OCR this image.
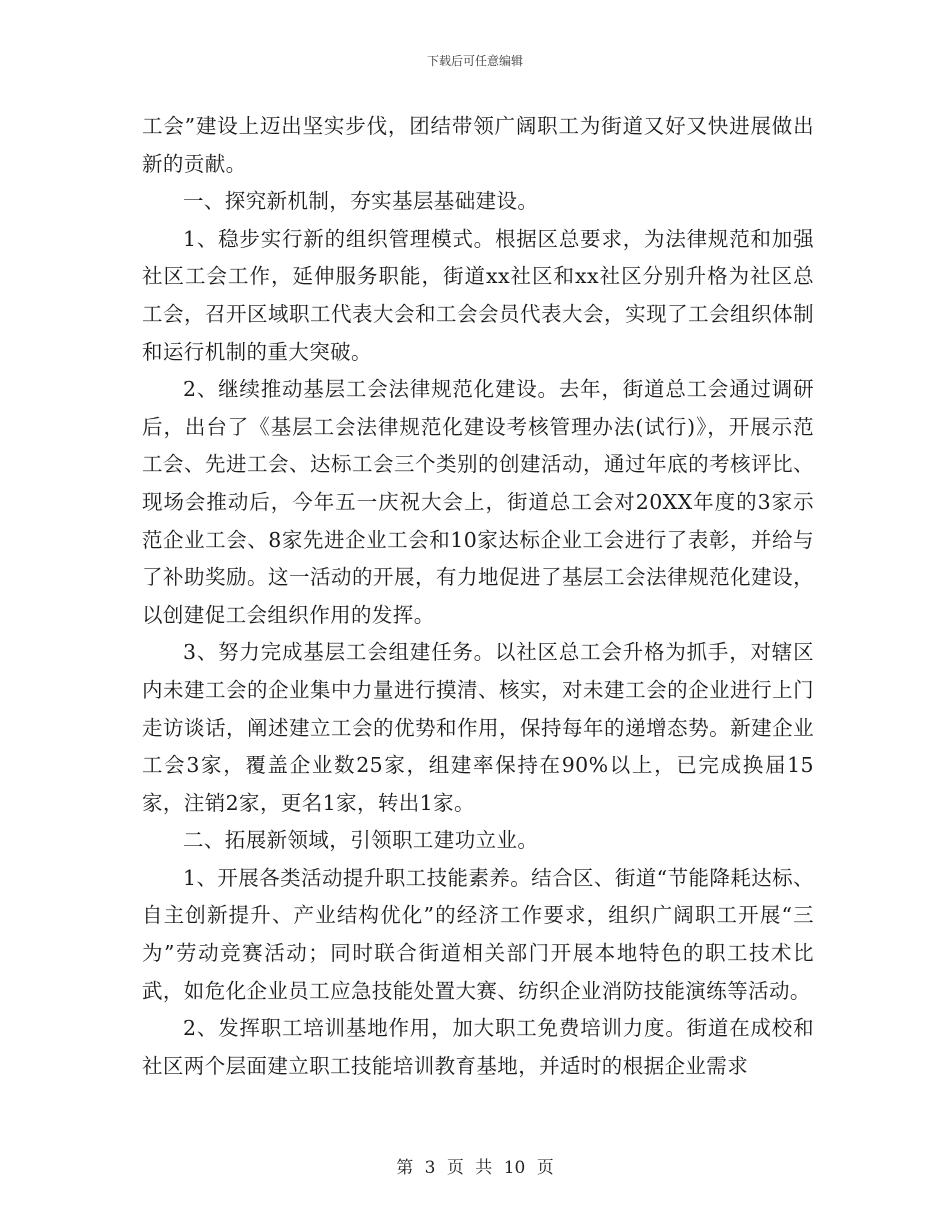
下载后可任意编辑

工会”建设上迈出坚实步伐，团结带领广阔职工为街道又好又快进展做出新的贡献。

一、探究新机制，夯实基层基础建设。

1、稳步实行新的组织管理模式。根据区总要求，为法律规范和加强社区工会工作，延伸服务职能，街道xx社区和xx社区分别升格为社区总工会，召开区域职工代表大会和工会会员代表大会，实现了工会组织体制和运行机制的重大突破。

2、继续推动基层工会法律规范化建设。去年，街道总工会通过调研后，出台了《基层工会法律规范化建设考核管理办法(试行)》，开展示范工会、先进工会、达标工会三个类别的创建活动，通过年底的考核评比、现场会推动后，今年五一庆祝大会上，街道总工会对20XX年度的3家示范企业工会、8家先进企业工会和10家达标企业工会进行了表彰，并给与了补助奖励。这一活动的开展，有力地促进了基层工会法律规范化建设，以创建促工会组织作用的发挥。

3、努力完成基层工会组建任务。以社区总工会升格为抓手，对辖区内未建工会的企业集中力量进行摸清、核实，对未建工会的企业进行上门走访谈话，阐述建立工会的优势和作用，保持每年的递增态势。新建企业工会3家，覆盖企业数25家，组建率保持在90%以上，已完成换届15家，注销2家，更名1家，转出1家。

二、拓展新领域，引领职工建功立业。

1、开展各类活动提升职工技能素养。结合区、街道“节能降耗达标、自主创新提升、产业结构优化”的经济工作要求，组织广阔职工开展“三为”劳动竞赛活动；同时联合街道相关部门开展本地特色的职工技术比武，如危化企业员工应急技能处置大赛、纺织企业消防技能演练等活动。

2、发挥职工培训基地作用，加大职工免费培训力度。街道在成校和社区两个层面建立职工技能培训教育基地，并适时的根据企业需求

第 3 页 共 10 页
